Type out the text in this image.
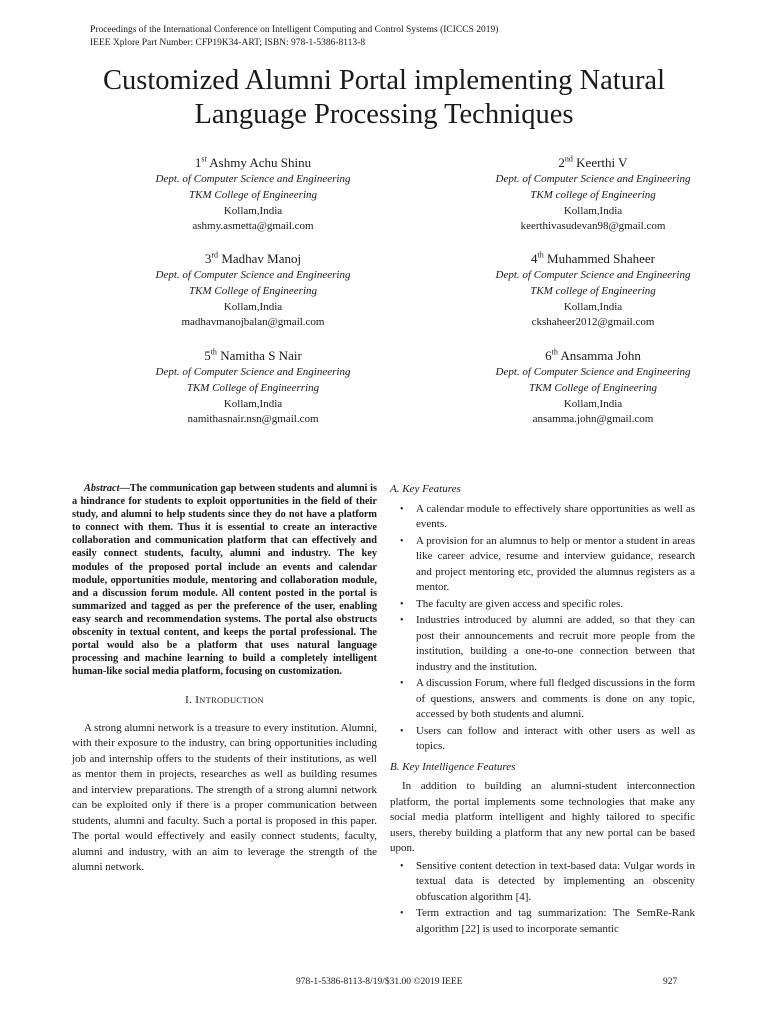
Proceedings of the International Conference on Intelligent Computing and Control Systems (ICICCS 2019)
IEEE Xplore Part Number: CFP19K34-ART; ISBN: 978-1-5386-8113-8
Customized Alumni Portal implementing Natural
Language Processing Techniques
1st Ashmy Achu Shinu
Dept. of Computer Science and Engineering
TKM College of Engineering
Kollam,India
ashmy.asmetta@gmail.com
2nd Keerthi V
Dept. of Computer Science and Engineering
TKM college of Engineering
Kollam,India
keerthivasudevan98@gmail.com
3rd Madhav Manoj
Dept. of Computer Science and Engineering
TKM College of Engineering
Kollam,India
madhavmanojbalan@gmail.com
4th Muhammed Shaheer
Dept. of Computer Science and Engineering
TKM college of Engineering
Kollam,India
ckshaheer2012@gmail.com
5th Namitha S Nair
Dept. of Computer Science and Engineering
TKM College of Engineerring
Kollam,India
namithasnair.nsn@gmail.com
6th Ansamma John
Dept. of Computer Science and Engineering
TKM College of Engineering
Kollam,India
ansamma.john@gmail.com

Abstract—The communication gap between students and alumni is a hindrance for students to exploit opportunities in the field of their study, and alumni to help students since they do not have a platform to connect with them. Thus it is essential to create an interactive collaboration and communication platform that can effectively and easily connect students, faculty, alumni and industry. The key modules of the proposed portal include an events and calendar module, opportunities module, mentoring and collaboration module, and a discussion forum module. All content posted in the portal is summarized and tagged as per the preference of the user, enabling easy search and recommendation systems. The portal also obstructs obscenity in textual content, and keeps the portal professional. The portal would also be a platform that uses natural language processing and machine learning to build a completely intelligent human-like social media platform, focusing on customization.

I. INTRODUCTION

A strong alumni network is a treasure to every institution. Alumni, with their exposure to the industry, can bring opportunities including job and internship offers to the students of their institutions, as well as mentor them in projects, researches as well as building resumes and interview preparations. The strength of a strong alumni network can be exploited only if there is a proper communication between students, alumni and faculty. Such a portal is proposed in this paper. The portal would effectively and easily connect students, faculty, alumni and industry, with an aim to leverage the strength of the alumni network.

A. Key Features
• A calendar module to effectively share opportunities as well as events.
• A provision for an alumnus to help or mentor a student in areas like career advice, resume and interview guidance, research and project mentoring etc, provided the alumnus registers as a mentor.
• The faculty are given access and specific roles.
• Industries introduced by alumni are added, so that they can post their announcements and recruit more people from the institution, building a one-to-one connection between that industry and the institution.
• A discussion Forum, where full fledged discussions in the form of questions, answers and comments is done on any topic, accessed by both students and alumni.
• Users can follow and interact with other users as well as topics.
B. Key Intelligence Features

In addition to building an alumni-student interconnection platform, the portal implements some technologies that make any social media platform intelligent and highly tailored to specific users, thereby building a platform that any new portal can be based upon.

• Sensitive content detection in text-based data: Vulgar words in textual data is detected by implementing an obscenity obfuscation algorithm [4].
• Term extraction and tag summarization: The SemRe-Rank algorithm [22] is used to incorporate semantic
978-1-5386-8113-8/19/$31.00 ©2019 IEEE	927
